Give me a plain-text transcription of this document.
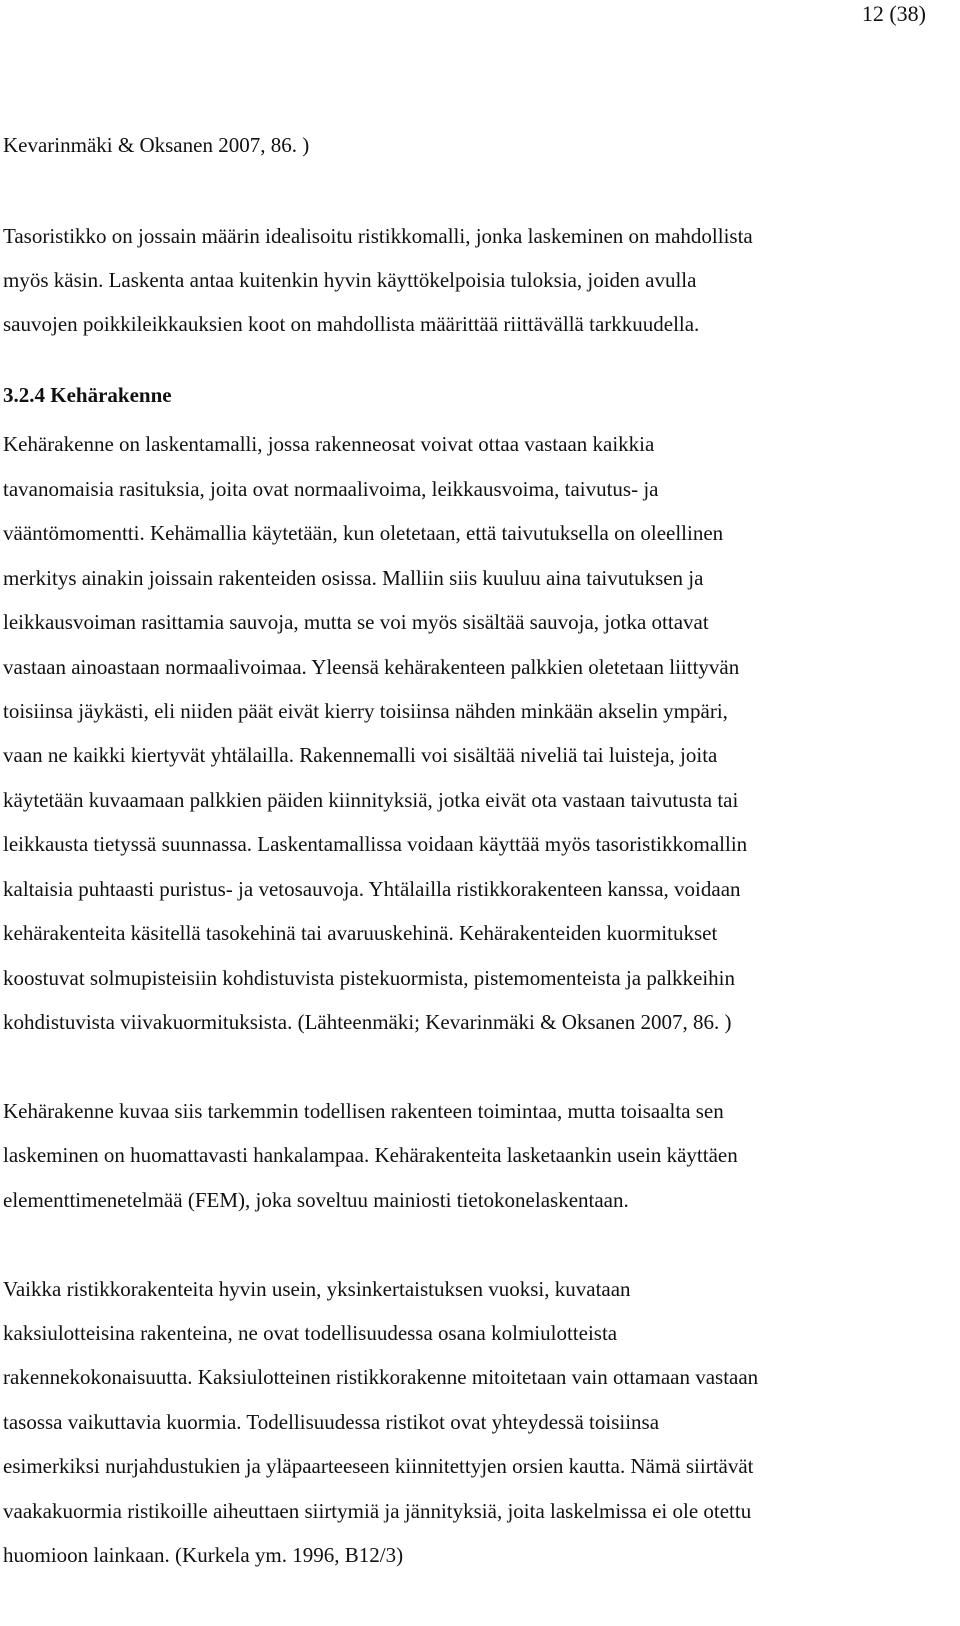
12 (38)
Kevarinmäki & Oksanen 2007, 86. )
Tasoristikko on jossain määrin idealisoitu ristikkomalli, jonka laskeminen on mahdollista
myös käsin. Laskenta antaa kuitenkin hyvin käyttökelpoisia tuloksia, joiden avulla
sauvojen poikkileikkauksien koot on mahdollista määrittää riittävällä tarkkuudella.
3.2.4 Kehärakenne
Kehärakenne on laskentamalli, jossa rakenneosat voivat ottaa vastaan kaikkia
tavanomaisia rasituksia, joita ovat normaalivoima, leikkausvoima, taivutus- ja
vääntömomentti. Kehämallia käytetään, kun oletetaan, että taivutuksella on oleellinen
merkitys ainakin joissain rakenteiden osissa. Malliin siis kuuluu aina taivutuksen ja
leikkausvoiman rasittamia sauvoja, mutta se voi myös sisältää sauvoja, jotka ottavat
vastaan ainoastaan normaalivoimaa. Yleensä kehärakenteen palkkien oletetaan liittyvän
toisiinsa jäykästi, eli niiden päät eivät kierry toisiinsa nähden minkään akselin ympäri,
vaan ne kaikki kiertyvät yhtälailla. Rakennemalli voi sisältää niveliä tai luisteja, joita
käytetään kuvaamaan palkkien päiden kiinnityksiä, jotka eivät ota vastaan taivutusta tai
leikkausta tietyssä suunnassa. Laskentamallissa voidaan käyttää myös tasoristikkomallin
kaltaisia puhtaasti puristus- ja vetosauvoja. Yhtälailla ristikkorakenteen kanssa, voidaan
kehärakenteita käsitellä tasokehinä tai avaruuskehinä. Kehärakenteiden kuormitukset
koostuvat solmupisteisiin kohdistuvista pistekuormista, pistemomenteista ja palkkeihin
kohdistuvista viivakuormituksista. (Lähteenmäki; Kevarinmäki & Oksanen 2007, 86. )
Kehärakenne kuvaa siis tarkemmin todellisen rakenteen toimintaa, mutta toisaalta sen
laskeminen on huomattavasti hankalampaa. Kehärakenteita lasketaankin usein käyttäen
elementtimenetelmää (FEM), joka soveltuu mainiosti tietokonelaskentaan.
Vaikka ristikkorakenteita hyvin usein, yksinkertaistuksen vuoksi, kuvataan
kaksiulotteisina rakenteina, ne ovat todellisuudessa osana kolmiulotteista
rakennekokonaisuutta. Kaksiulotteinen ristikkorakenne mitoitetaan vain ottamaan vastaan
tasossa vaikuttavia kuormia. Todellisuudessa ristikot ovat yhteydessä toisiinsa
esimerkiksi nurjahdustukien ja yläpaarteeseen kiinnitettyjen orsien kautta. Nämä siirtävät
vaakakuormia ristikoille aiheuttaen siirtymiä ja jännityksiä, joita laskelmissa ei ole otettu
huomioon lainkaan. (Kurkela ym. 1996, B12/3)
